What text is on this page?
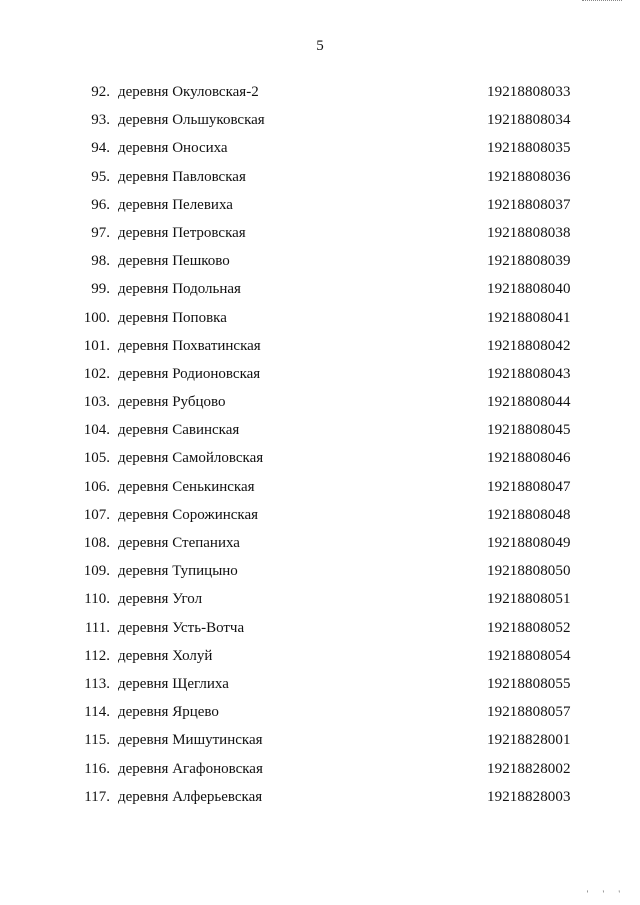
5
92. деревня Окуловская-2	19218808033
93. деревня Ольшуковская	19218808034
94. деревня Оносиха	19218808035
95. деревня Павловская	19218808036
96. деревня Пелевиха	19218808037
97. деревня Петровская	19218808038
98. деревня Пешково	19218808039
99. деревня Подольная	19218808040
100. деревня Поповка	19218808041
101. деревня Похватинская	19218808042
102. деревня Родионовская	19218808043
103. деревня Рубцово	19218808044
104. деревня Савинская	19218808045
105. деревня Самойловская	19218808046
106. деревня Сенькинская	19218808047
107. деревня Сорожинская	19218808048
108. деревня Степаниха	19218808049
109. деревня Тупицыно	19218808050
110. деревня Угол	19218808051
111. деревня Усть-Вотча	19218808052
112. деревня Холуй	19218808054
113. деревня Щеглиха	19218808055
114. деревня Ярцево	19218808057
115. деревня Мишутинская	19218828001
116. деревня Агафоновская	19218828002
117. деревня Алферьевская	19218828003
' ' '
